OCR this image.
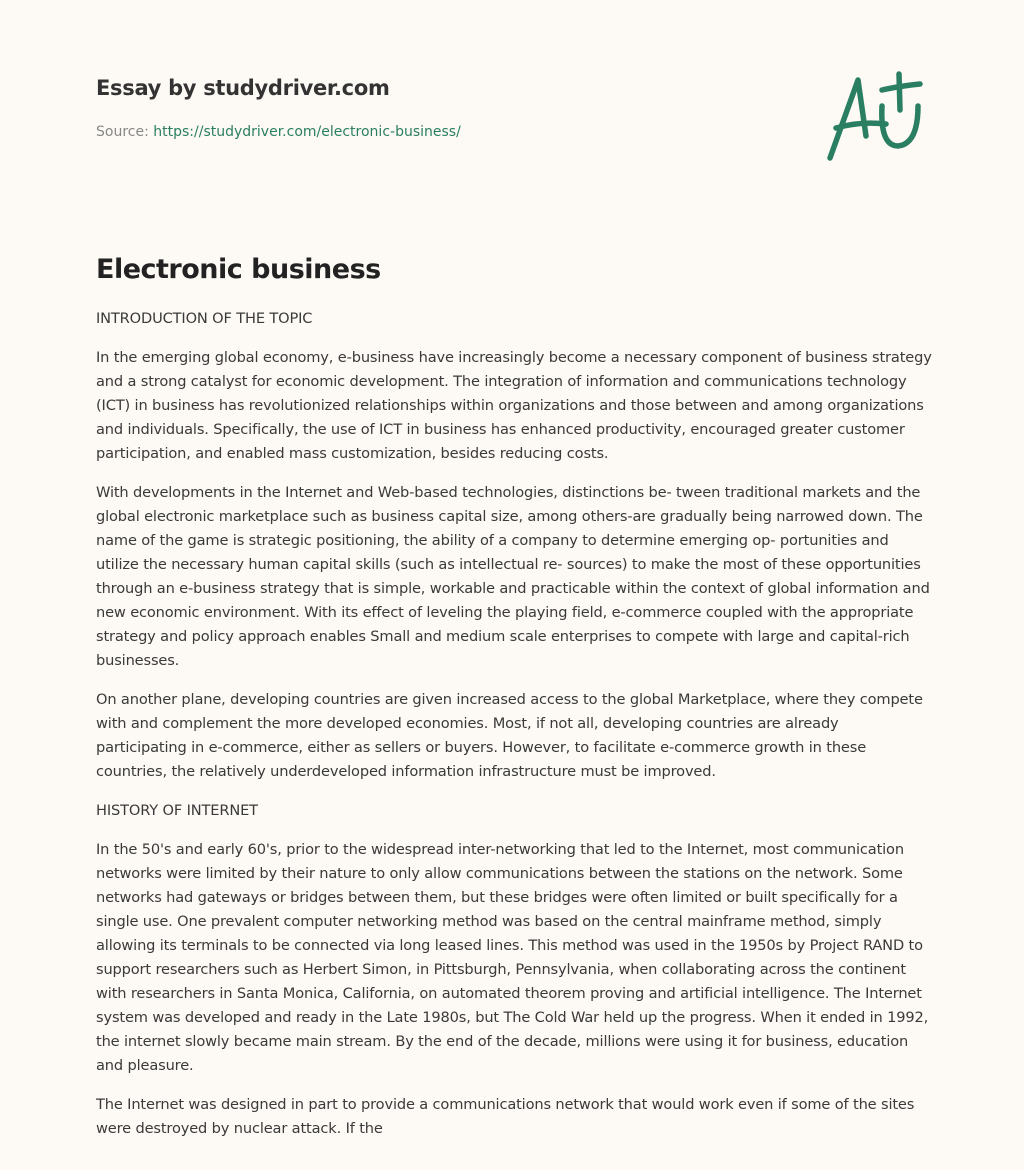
Essay by studydriver.com
Source: https://studydriver.com/electronic-business/
Electronic business

INTRODUCTION OF THE TOPIC

In the emerging global economy, e-business have increasingly become a necessary component of business strategy and a strong catalyst for economic development. The integration of information and communications technology (ICT) in business has revolutionized relationships within organizations and those between and among organizations and individuals. Specifically, the use of ICT in business has enhanced productivity, encouraged greater customer participation, and enabled mass customization, besides reducing costs.

With developments in the Internet and Web-based technologies, distinctions be- tween traditional markets and the global electronic marketplace such as business capital size, among others-are gradually being narrowed down. The name of the game is strategic positioning, the ability of a company to determine emerging op- portunities and utilize the necessary human capital skills (such as intellectual re- sources) to make the most of these opportunities through an e-business strategy that is simple, workable and practicable within the context of global information and new economic environment. With its effect of leveling the playing field, e-commerce coupled with the appropriate strategy and policy approach enables Small and medium scale enterprises to compete with large and capital-rich businesses.

On another plane, developing countries are given increased access to the global Marketplace, where they compete with and complement the more developed economies. Most, if not all, developing countries are already participating in e-commerce, either as sellers or buyers. However, to facilitate e-commerce growth in these countries, the relatively underdeveloped information infrastructure must be improved.

HISTORY OF INTERNET

In the 50's and early 60's, prior to the widespread inter-networking that led to the Internet, most communication networks were limited by their nature to only allow communications between the stations on the network. Some networks had gateways or bridges between them, but these bridges were often limited or built specifically for a single use. One prevalent computer networking method was based on the central mainframe method, simply allowing its terminals to be connected via long leased lines. This method was used in the 1950s by Project RAND to support researchers such as Herbert Simon, in Pittsburgh, Pennsylvania, when collaborating across the continent with researchers in Santa Monica, California, on automated theorem proving and artificial intelligence. The Internet system was developed and ready in the Late 1980s, but The Cold War held up the progress. When it ended in 1992, the internet slowly became main stream. By the end of the decade, millions were using it for business, education and pleasure.

The Internet was designed in part to provide a communications network that would work even if some of the sites were destroyed by nuclear attack. If the
